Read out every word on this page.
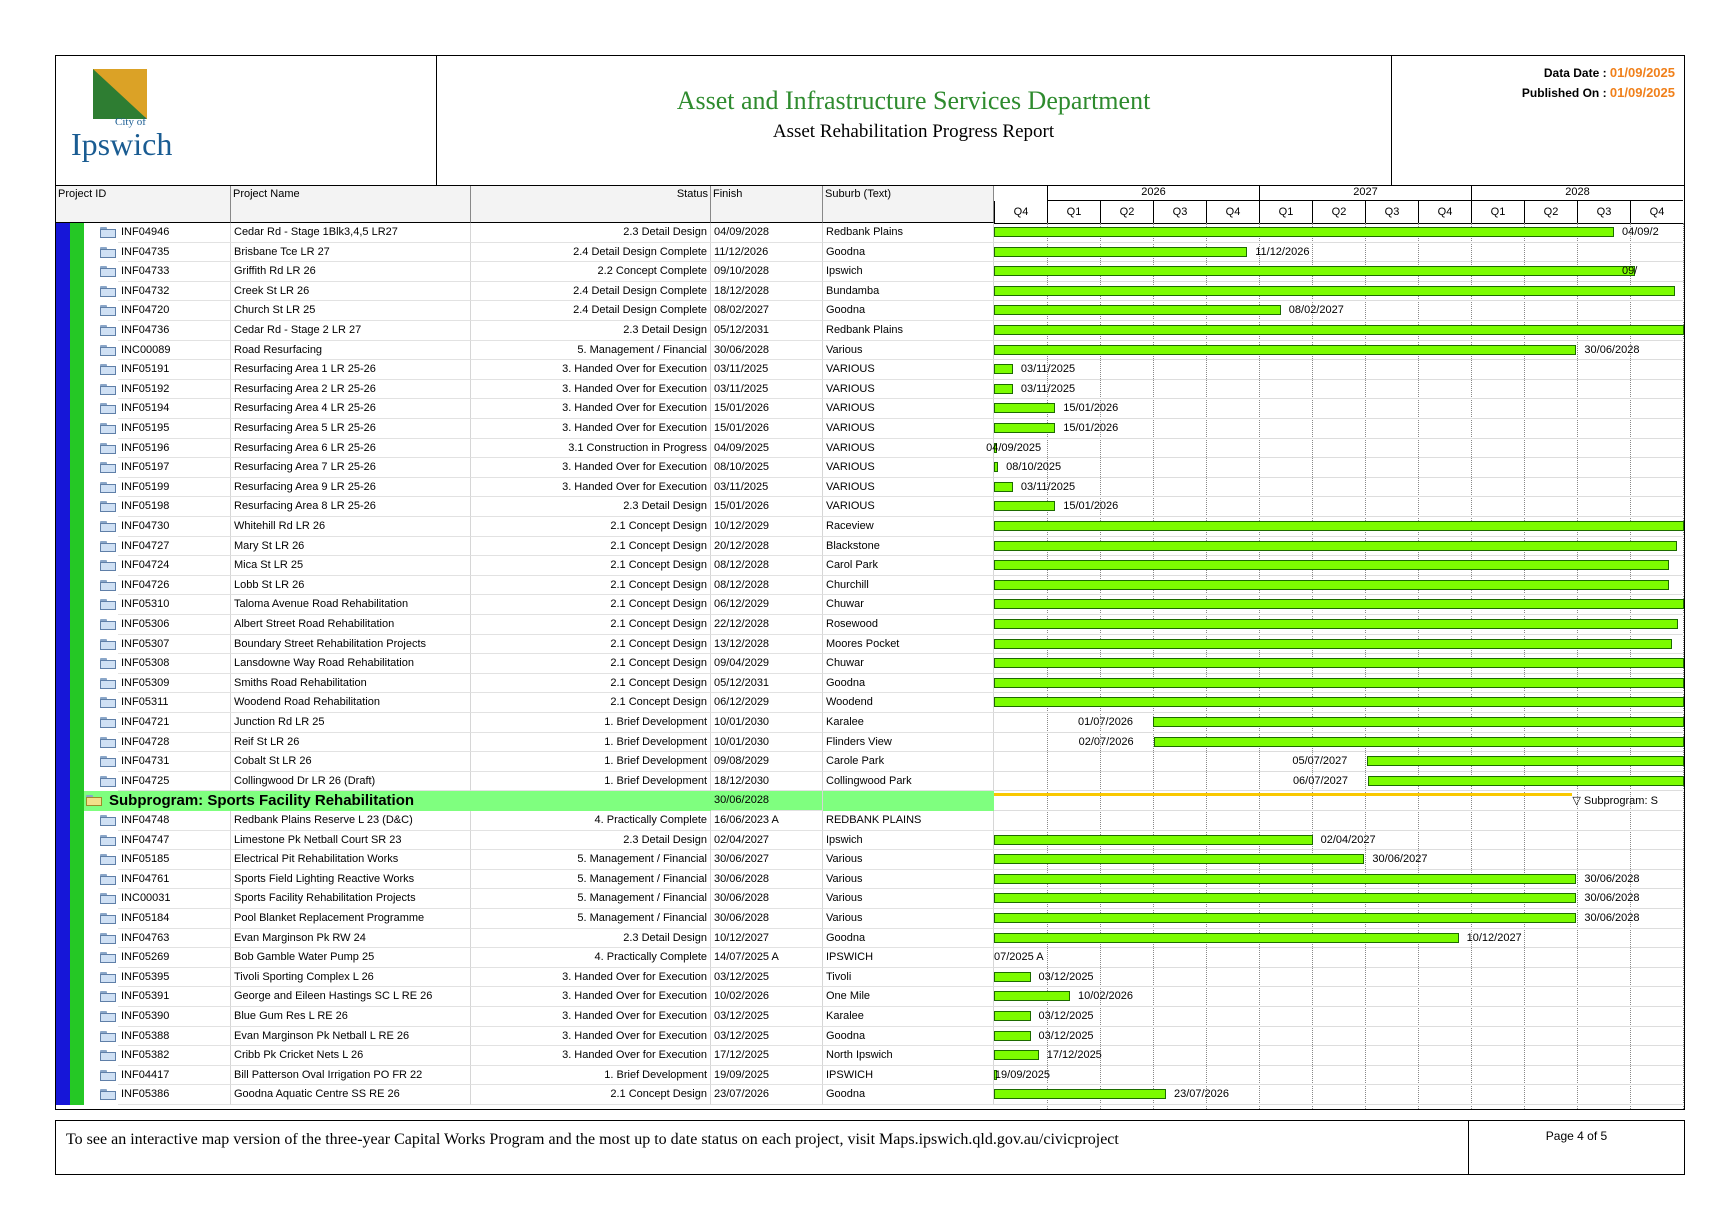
City of
Ipswich
Asset and Infrastructure Services Department
Asset Rehabilitation Progress Report
Data Date : 01/09/2025
Published On : 01/09/2025
Project ID	Project Name	Status Finish	Suburb (Text)	2026	2027	2028
Q4	Q1	Q2	Q3	Q4	Q1	Q2	Q3	Q4	Q1	Q2	Q3	Q4
INF04946	Cedar Rd - Stage 1Blk3,4,5 LR27	2.3 Detail Design 04/09/2028	Redbank Plains	04/09/2
INF04735	Brisbane Tce LR 27	2.4 Detail Design Complete 11/12/2026	Goodna	11/12/2026
INF04733	Griffith Rd LR 26	2.2 Concept Complete 09/10/2028	Ipswich	09/
INF04732	Creek St LR 26	2.4 Detail Design Complete 18/12/2028	Bundamba
INF04720	Church St LR 25	2.4 Detail Design Complete 08/02/2027	Goodna	08/02/2027
INF04736	Cedar Rd - Stage 2 LR 27	2.3 Detail Design 05/12/2031	Redbank Plains
INC00089	Road Resurfacing	5. Management / Financial 30/06/2028	Various	30/06/2028
INF05191	Resurfacing Area 1 LR 25-26	3. Handed Over for Execution 03/11/2025	VARIOUS	03/11/2025
INF05192	Resurfacing Area 2 LR 25-26	3. Handed Over for Execution 03/11/2025	VARIOUS	03/11/2025
INF05194	Resurfacing Area 4 LR 25-26	3. Handed Over for Execution 15/01/2026	VARIOUS	15/01/2026
INF05195	Resurfacing Area 5 LR 25-26	3. Handed Over for Execution 15/01/2026	VARIOUS	15/01/2026
INF05196	Resurfacing Area 6 LR 25-26	3.1 Construction in Progress 04/09/2025	VARIOUS	04/09/2025
INF05197	Resurfacing Area 7 LR 25-26	3. Handed Over for Execution 08/10/2025	VARIOUS	08/10/2025
INF05199	Resurfacing Area 9 LR 25-26	3. Handed Over for Execution 03/11/2025	VARIOUS	03/11/2025
INF05198	Resurfacing Area 8 LR 25-26	2.3 Detail Design 15/01/2026	VARIOUS	15/01/2026
INF04730	Whitehill Rd LR 26	2.1 Concept Design 10/12/2029	Raceview
INF04727	Mary St LR 26	2.1 Concept Design 20/12/2028	Blackstone
INF04724	Mica St LR 25	2.1 Concept Design 08/12/2028	Carol Park
INF04726	Lobb St LR 26	2.1 Concept Design 08/12/2028	Churchill
INF05310	Taloma Avenue Road Rehabilitation	2.1 Concept Design 06/12/2029	Chuwar
INF05306	Albert Street Road Rehabilitation	2.1 Concept Design 22/12/2028	Rosewood
INF05307	Boundary Street Rehabilitation Projects	2.1 Concept Design 13/12/2028	Moores Pocket
INF05308	Lansdowne Way Road Rehabilitation	2.1 Concept Design 09/04/2029	Chuwar
INF05309	Smiths Road Rehabilitation	2.1 Concept Design 05/12/2031	Goodna
INF05311	Woodend Road Rehabilitation	2.1 Concept Design 06/12/2029	Woodend
INF04721	Junction Rd LR 25	1. Brief Development 10/01/2030	Karalee	01/07/2026
INF04728	Reif St LR 26	1. Brief Development 10/01/2030	Flinders View	02/07/2026
INF04731	Cobalt St LR 26	1. Brief Development 09/08/2029	Carole Park	05/07/2027
INF04725	Collingwood Dr LR 26 (Draft)	1. Brief Development 18/12/2030	Collingwood Park	06/07/2027
Subprogram: Sports Facility Rehabilitation	30/06/2028	▽ Subprogram: S
INF04748	Redbank Plains Reserve L 23 (D&C)	4. Practically Complete 16/06/2023 A	REDBANK PLAINS
INF04747	Limestone Pk Netball Court SR 23	2.3 Detail Design 02/04/2027	Ipswich	02/04/2027
INF05185	Electrical Pit Rehabilitation Works	5. Management / Financial 30/06/2027	Various	30/06/2027
INF04761	Sports Field Lighting Reactive Works	5. Management / Financial 30/06/2028	Various	30/06/2028
INC00031	Sports Facility Rehabilitation Projects	5. Management / Financial 30/06/2028	Various	30/06/2028
INF05184	Pool Blanket Replacement Programme	5. Management / Financial 30/06/2028	Various	30/06/2028
INF04763	Evan Marginson Pk RW 24	2.3 Detail Design 10/12/2027	Goodna	10/12/2027
INF05269	Bob Gamble Water Pump 25	4. Practically Complete 14/07/2025 A	IPSWICH	07/2025 A
INF05395	Tivoli Sporting Complex L 26	3. Handed Over for Execution 03/12/2025	Tivoli	03/12/2025
INF05391	George and Eileen Hastings SC L RE 26	3. Handed Over for Execution 10/02/2026	One Mile	10/02/2026
INF05390	Blue Gum Res L RE 26	3. Handed Over for Execution 03/12/2025	Karalee	03/12/2025
INF05388	Evan Marginson Pk Netball L RE 26	3. Handed Over for Execution 03/12/2025	Goodna	03/12/2025
INF05382	Cribb Pk Cricket Nets L 26	3. Handed Over for Execution 17/12/2025	North Ipswich	17/12/2025
INF04417	Bill Patterson Oval Irrigation PO FR 22	1. Brief Development 19/09/2025	IPSWICH	19/09/2025
INF05386	Goodna Aquatic Centre SS RE 26	2.1 Concept Design 23/07/2026	Goodna	23/07/2026
To see an interactive map version of the three-year Capital Works Program and the most up to date status on each project, visit Maps.ipswich.qld.gov.au/civicproject	Page 4 of 5
